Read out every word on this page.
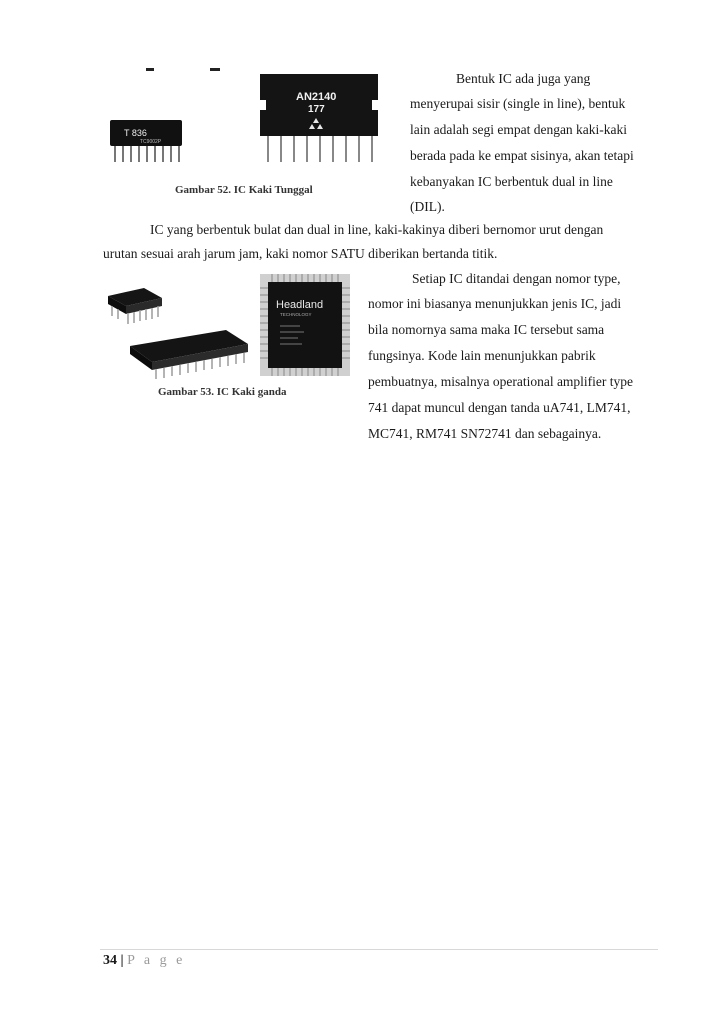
T 836
TC9002P
AN2140
177
Gambar 52. IC Kaki Tunggal
Bentuk IC ada juga yang
menyerupai sisir (single in line), bentuk
lain adalah segi empat dengan kaki-kaki
berada pada ke empat sisinya, akan tetapi
kebanyakan IC berbentuk dual in line
(DIL).
IC yang berbentuk bulat dan dual in line, kaki-kakinya diberi bernomor urut dengan
urutan sesuai arah jarum jam, kaki nomor SATU diberikan bertanda titik.
Headland
TECHNOLOGY
Gambar 53. IC Kaki ganda
Setiap IC ditandai dengan nomor type,
nomor ini biasanya menunjukkan jenis IC, jadi
bila nomornya sama maka IC tersebut sama
fungsinya. Kode lain menunjukkan pabrik
pembuatnya, misalnya operational amplifier type
741 dapat muncul dengan tanda uA741, LM741,
MC741, RM741 SN72741 dan sebagainya.
34 | P a g e
